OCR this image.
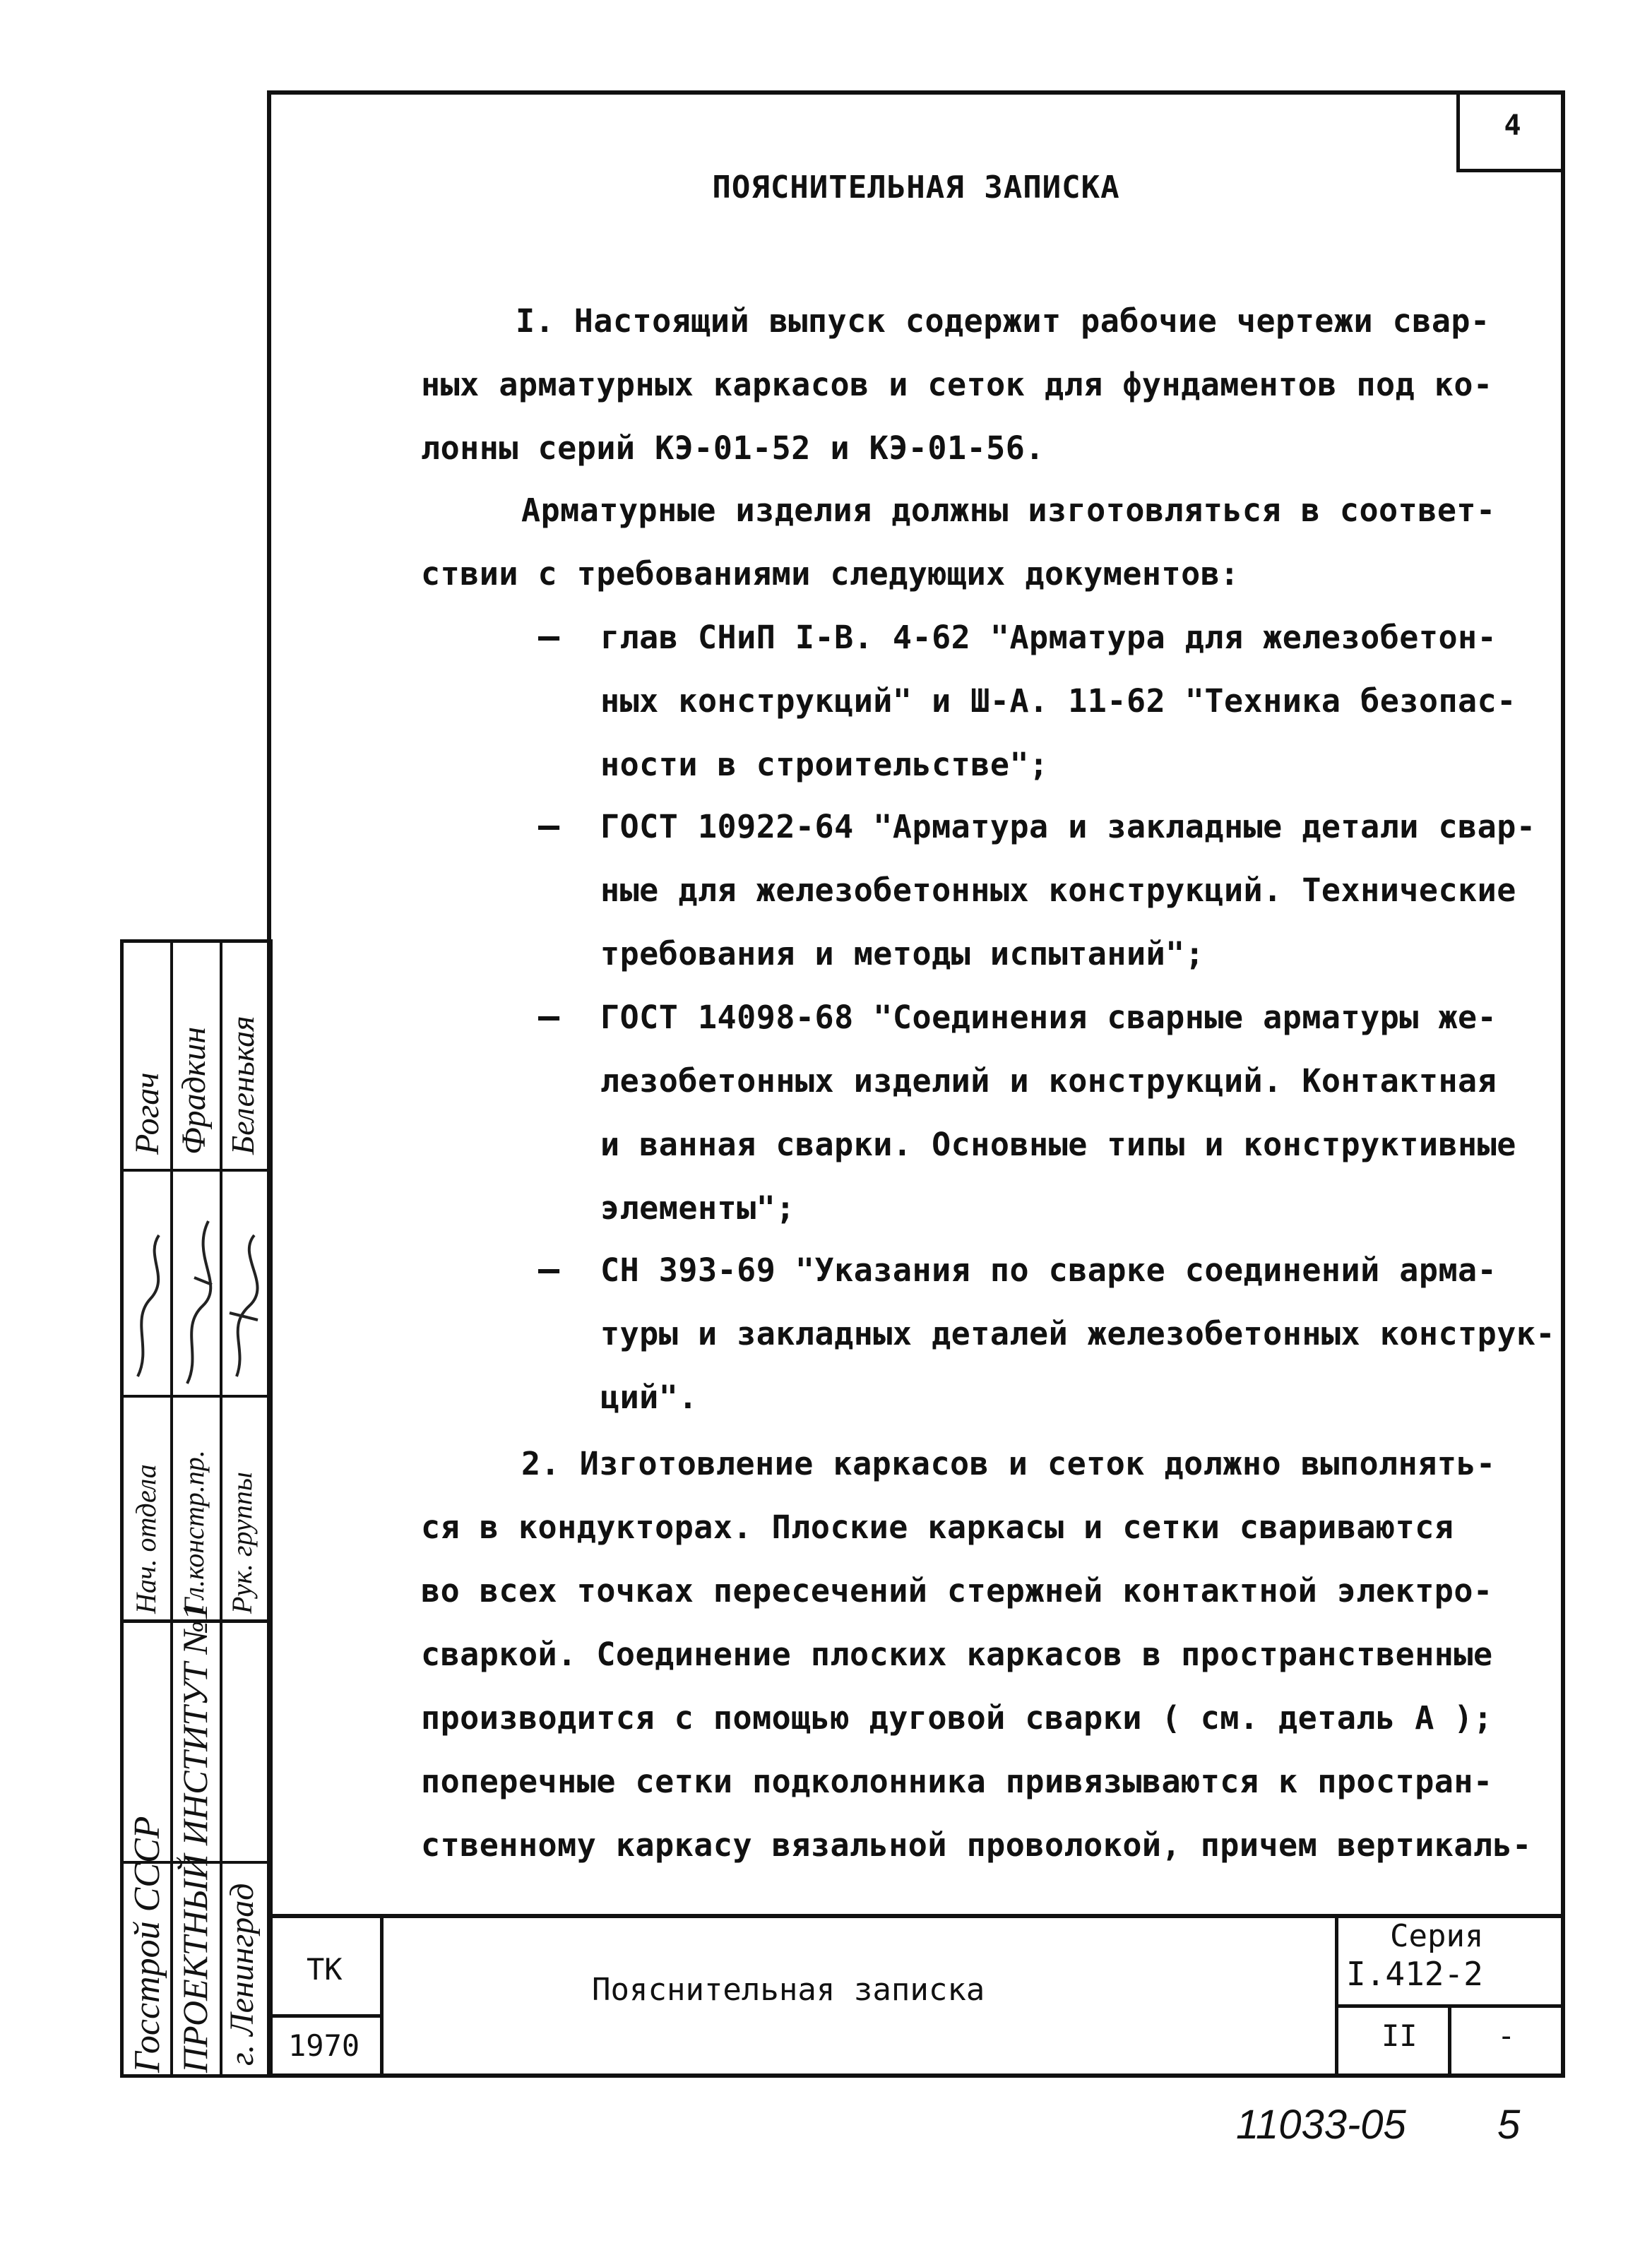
4
ПОЯСНИТЕЛЬНАЯ ЗАПИСКА
I. Настоящий выпуск содержит рабочие чертежи свар-
ных арматурных каркасов и сеток для фундаментов под ко-
лонны серий КЭ-01-52 и КЭ-01-56.
Арматурные изделия должны изготовляться в соответ-
ствии с требованиями следующих документов:
– глав СНиП I-В. 4-62 "Арматура для железобетон-
ных конструкций" и Ш-А. 11-62 "Техника безопас-
ности в строительстве";
– ГОСТ 10922-64 "Арматура и закладные детали свар-
ные для железобетонных конструкций. Технические
требования и методы испытаний";
– ГОСТ 14098-68 "Соединения сварные арматуры же-
лезобетонных изделий и конструкций. Контактная
и ванная сварки. Основные типы и конструктивные
элементы";
– СН 393-69 "Указания по сварке соединений арма-
туры и закладных деталей железобетонных конструк-
ций".
2. Изготовление каркасов и сеток должно выполнять-
ся в кондукторах. Плоские каркасы и сетки свариваются
во всех точках пересечений стержней контактной электро-
сваркой. Соединение плоских каркасов в пространственные
производится с помощью дуговой сварки ( см. деталь А );
поперечные сетки подколонника привязываются к простран-
ственному каркасу вязальной проволокой, причем вертикаль-
Рогач Фрадкин Беленькая
Нач. отдела Гл.констр.пр. Рук. группы
Госстрой СССР ПРОЕКТНЫЙ ИНСТИТУТ №1 г. Ленинград ТК
1970
Пояснительная записка
Серия
I.412-2
II	-
11033-05 5
